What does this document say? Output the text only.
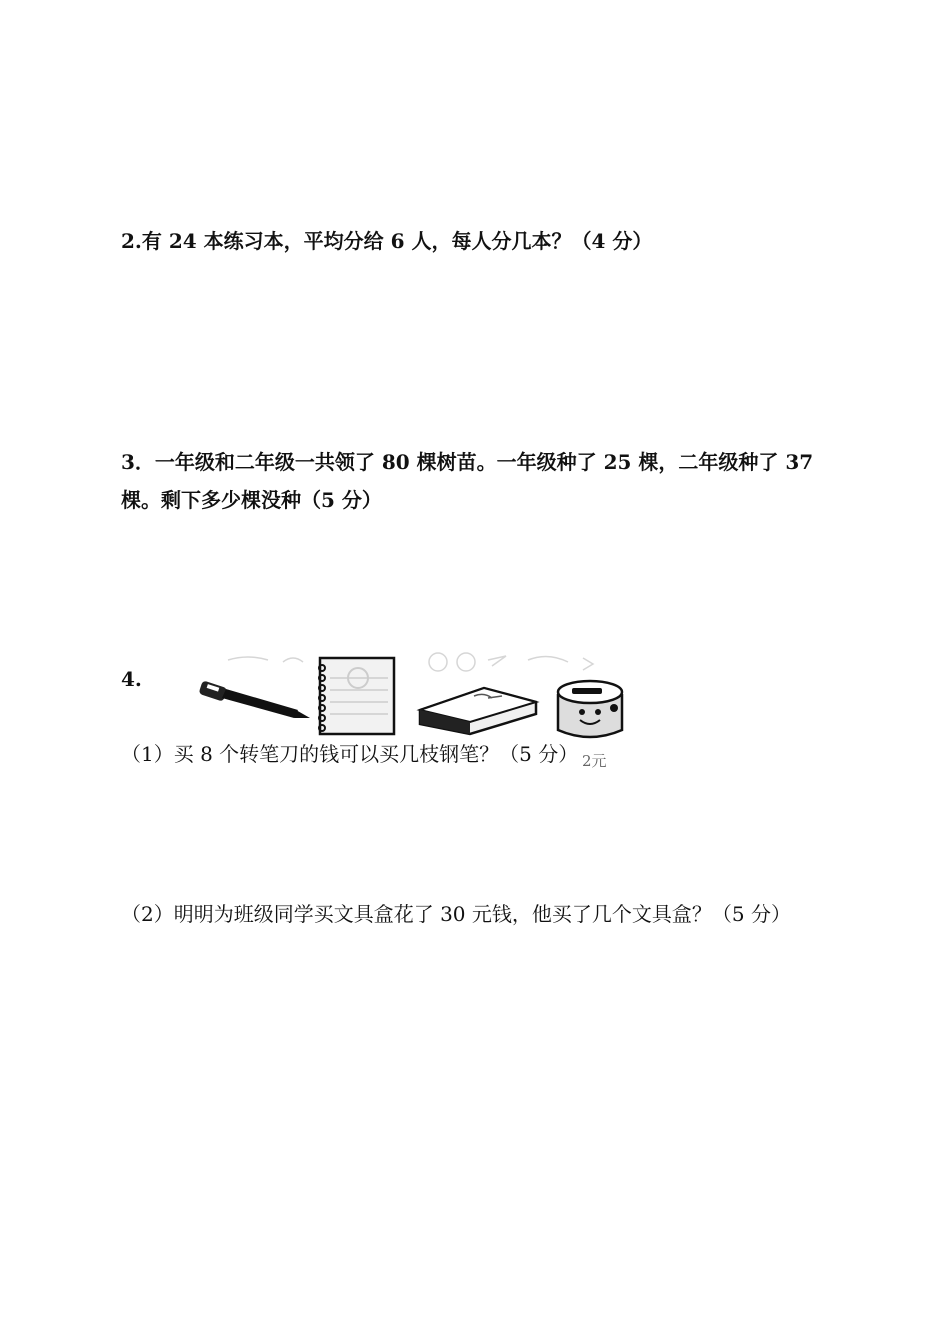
2.有 24 本练习本，平均分给 6 人，每人分几本？（4 分）

3．一年级和二年级一共领了 80 棵树苗。一年级种了 25 棵，二年级种了 37

棵。剩下多少棵没种（5 分）

4.

2元

（1）买 8 个转笔刀的钱可以买几枝钢笔？（5 分）

（2）明明为班级同学买文具盒花了 30 元钱，他买了几个文具盒？（5 分）
